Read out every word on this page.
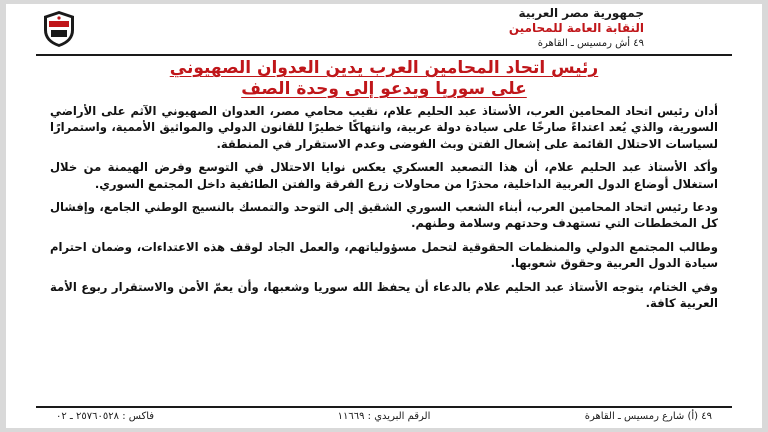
جمهورية مصر العربية
النقابة العامة للمحامين
٤٩ أش رمسيس ـ القاهرة
رئيس اتحاد المحامين العرب يدين العدوان الصهيوني
على سوريا ويدعو إلى وحدة الصف

أدان رئيس اتحاد المحامين العرب، الأستاذ عبد الحليم علام، نقيب محامي مصر، العدوان الصهيوني الآثم على الأراضي السورية، والذي يُعد اعتداءً صارخًا على سيادة دولة عربية، وانتهاكًا خطيرًا للقانون الدولي والمواثيق الأممية، واستمرارًا لسياسات الاحتلال القائمة على إشعال الفتن وبث الفوضى وعدم الاستقرار في المنطقة.

وأكد الأستاذ عبد الحليم علام، أن هذا التصعيد العسكري يعكس نوايا الاحتلال في التوسع وفرض الهيمنة من خلال استغلال أوضاع الدول العربية الداخلية، محذرًا من محاولات زرع الفرقة والفتن الطائفية داخل المجتمع السوري.

ودعا رئيس اتحاد المحامين العرب، أبناء الشعب السوري الشقيق إلى التوحد والتمسك بالنسيج الوطني الجامع، وإفشال كل المخططات التي تستهدف وحدتهم وسلامة وطنهم.

وطالب المجتمع الدولي والمنظمات الحقوقية لتحمل مسؤولياتهم، والعمل الجاد لوقف هذه الاعتداءات، وضمان احترام سيادة الدول العربية وحقوق شعوبها.

وفي الختام، يتوجه الأستاذ عبد الحليم علام بالدعاء أن يحفظ الله سوريا وشعبها، وأن يعمّ الأمن والاستقرار ربوع الأمة العربية كافة.

٤٩ (أ) شارع رمسيس ـ القاهرة
الرقم البريدي : ١١٦٦٩
فاكس : ٢٥٧٦٠٥٢٨ ـ ٠٢
